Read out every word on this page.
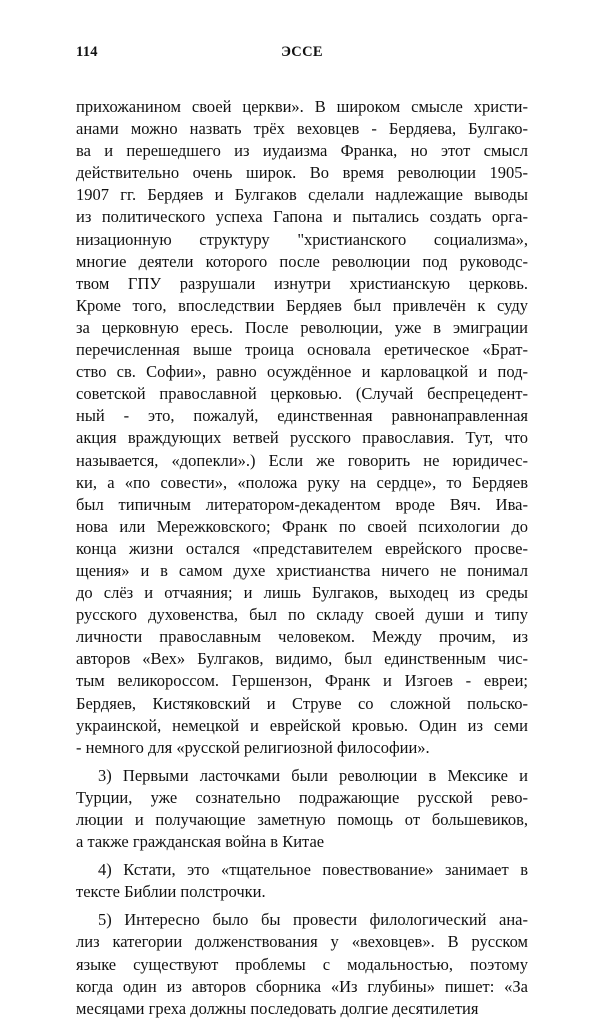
114	ЭССЕ
прихожанином своей церкви». В широком смысле христи-
анами можно назвать трёх веховцев - Бердяева, Булгако-
ва и перешедшего из иудаизма Франка, но этот смысл
действительно очень широк. Во время революции 1905-
1907 гг. Бердяев и Булгаков сделали надлежащие выводы
из политического успеха Гапона и пытались создать орга-
низационную структуру "христианского социализма»,
многие деятели которого после революции под руководс-
твом ГПУ разрушали изнутри христианскую церковь.
Кроме того, впоследствии Бердяев был привлечён к суду
за церковную ересь. После революции, уже в эмиграции
перечисленная выше троица основала еретическое «Брат-
ство св. Софии», равно осуждённое и карловацкой и под-
советской православной церковью. (Случай беспрецедент-
ный - это, пожалуй, единственная равнонаправленная
акция враждующих ветвей русского православия. Тут, что
называется, «допекли».) Если же говорить не юридичес-
ки, а «по совести», «положа руку на сердце», то Бердяев
был типичным литератором-декадентом вроде Вяч. Ива-
нова или Мережковского; Франк по своей психологии до
конца жизни остался «представителем еврейского просве-
щения» и в самом духе христианства ничего не понимал
до слёз и отчаяния; и лишь Булгаков, выходец из среды
русского духовенства, был по складу своей души и типу
личности православным человеком. Между прочим, из
авторов «Вех» Булгаков, видимо, был единственным чис-
тым великороссом. Гершензон, Франк и Изгоев - евреи;
Бердяев, Кистяковский и Струве со сложной польско-
украинской, немецкой и еврейской кровью. Один из семи
- немного для «русской религиозной философии».
3) Первыми ласточками были революции в Мексике и
Турции, уже сознательно подражающие русской рево-
люции и получающие заметную помощь от большевиков,
а также гражданская война в Китае
4) Кстати, это «тщательное повествование» занимает в
тексте Библии полстрочки.
5) Интересно было бы провести филологический ана-
лиз категории долженствования у «веховцев». В русском
языке существуют проблемы с модальностью, поэтому
когда один из авторов сборника «Из глубины» пишет: «За
месяцами греха должны последовать долгие десятилетия
